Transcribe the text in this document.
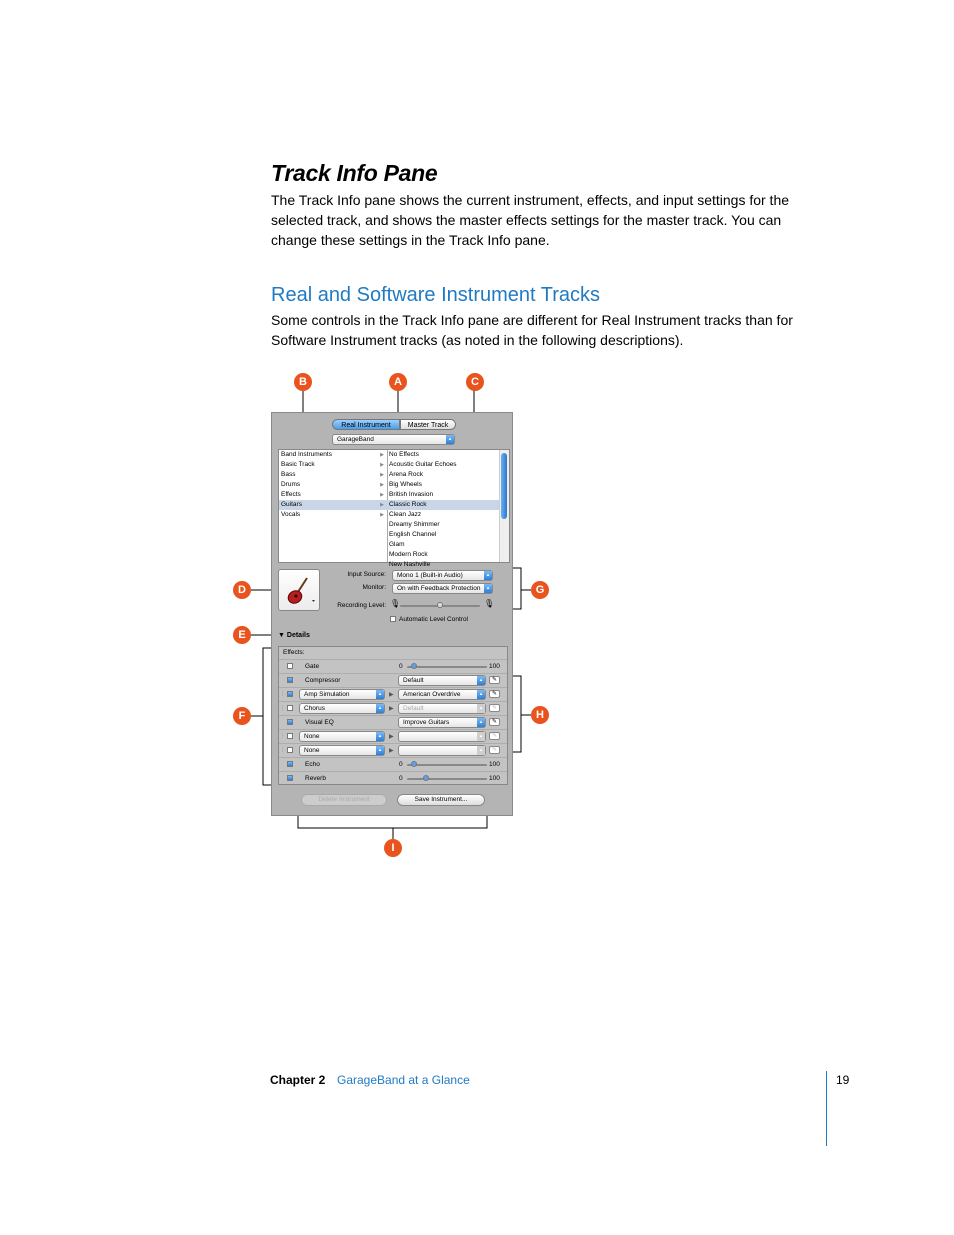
Track Info Pane

The Track Info pane shows the current instrument, effects, and input settings for the selected track, and shows the master effects settings for the master track. You can change these settings in the Track Info pane.

Real and Software Instrument Tracks

Some controls in the Track Info pane are different for Real Instrument tracks than for Software Instrument tracks (as noted in the following descriptions).

B	A	C
D
E
F
G
H
I
Real Instrument	Master Track
GarageBand	▴
Band Instruments	▶
Basic Track	▶
Bass	▶
Drums	▶
Effects	▶
Guitars	▶
Vocals	▶
No Effects
Acoustic Guitar Echoes
Arena Rock
Big Wheels
British Invasion
Classic Rock
Clean Jazz
Dreamy Shimmer
English Channel
Glam
Modern Rock
New Nashville
Input Source:	Mono 1 (Built-in Audio)	▴
Monitor:	On with Feedback Protection	▴
Recording Level: 🎙	🎙
Automatic Level Control
▼ Details
Effects:
Gate	0	100
Compressor	Default	▴	✎
⋮	Amp Simulation	▴	▶	American Overdrive	▴	✎
⋮	Chorus	▴	▶	Default	▴	✎
Visual EQ	Improve Guitars	▴	✎
⋮	None	▴	▶	▴	✎
⋮	None	▴	▶	▴	✎
Echo	0	100
Reverb	0	100
Delete Instrument	Save Instrument...
Chapter 2 GarageBand at a Glance	19
